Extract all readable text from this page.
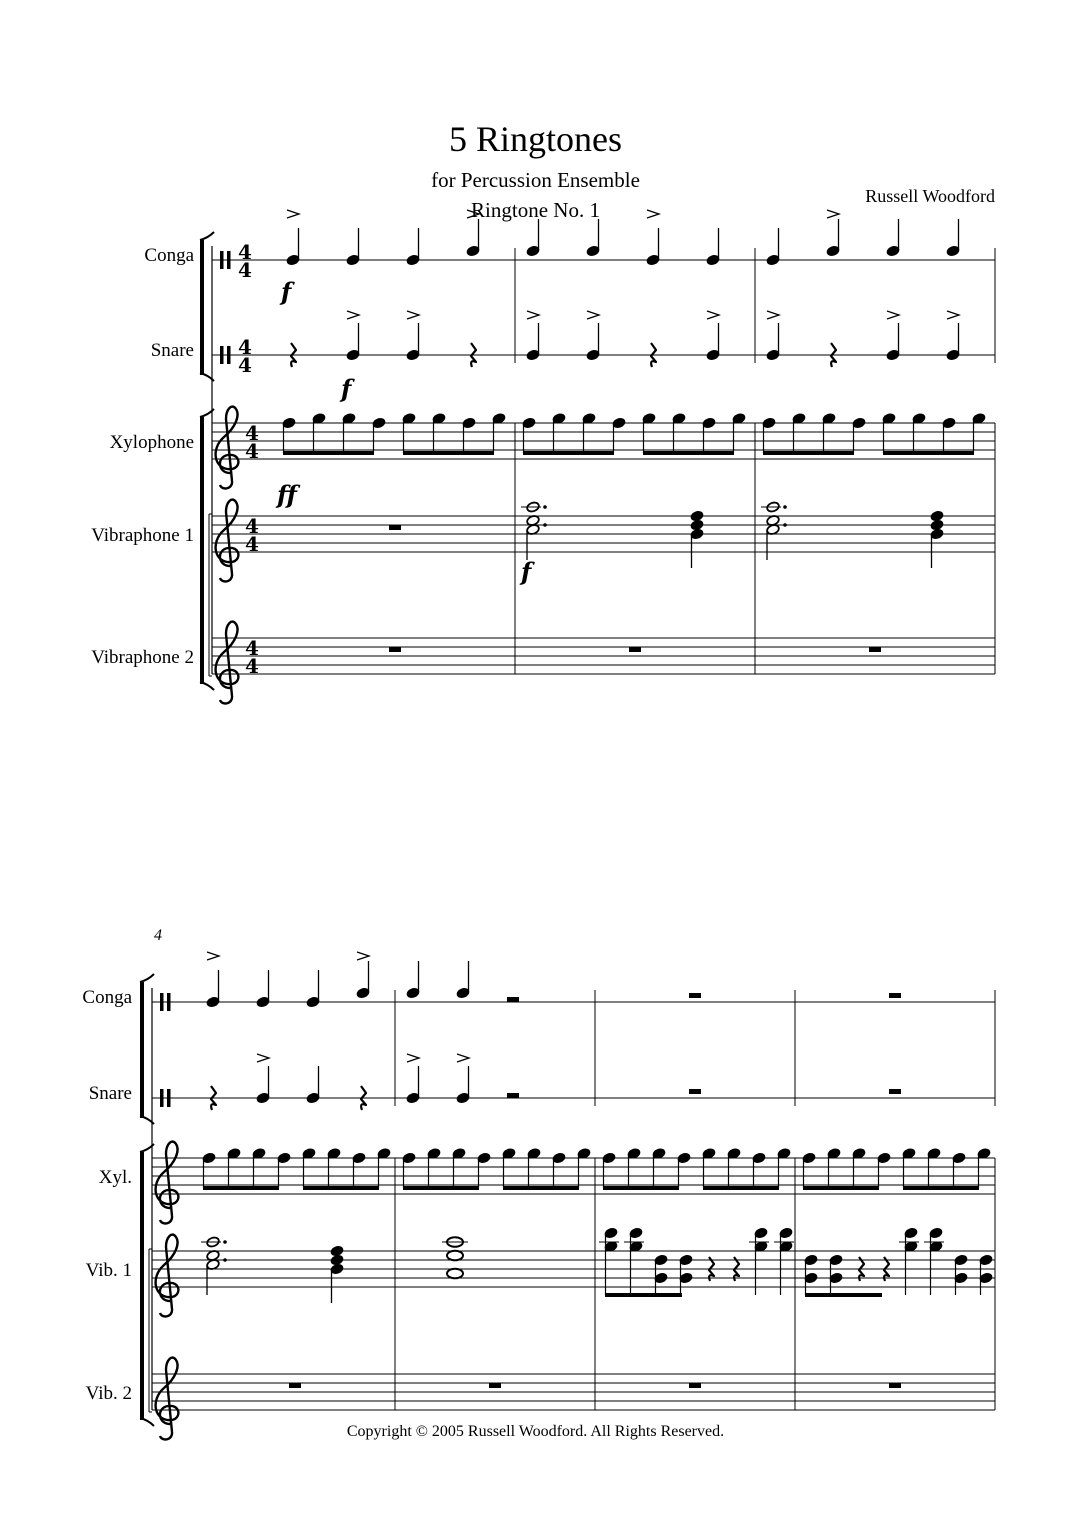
5 Ringtones
for Percussion Ensemble
Ringtone No. 1
Russell Woodford
Conga
Snare
Xylophone
Vibraphone 1
Vibraphone 2
4
4
4
4
4
4
4
4
4
4
f
f
ff
f
Conga
Snare
Xyl.
Vib. 1
Vib. 2
4
Copyright © 2005 Russell Woodford. All Rights Reserved.
